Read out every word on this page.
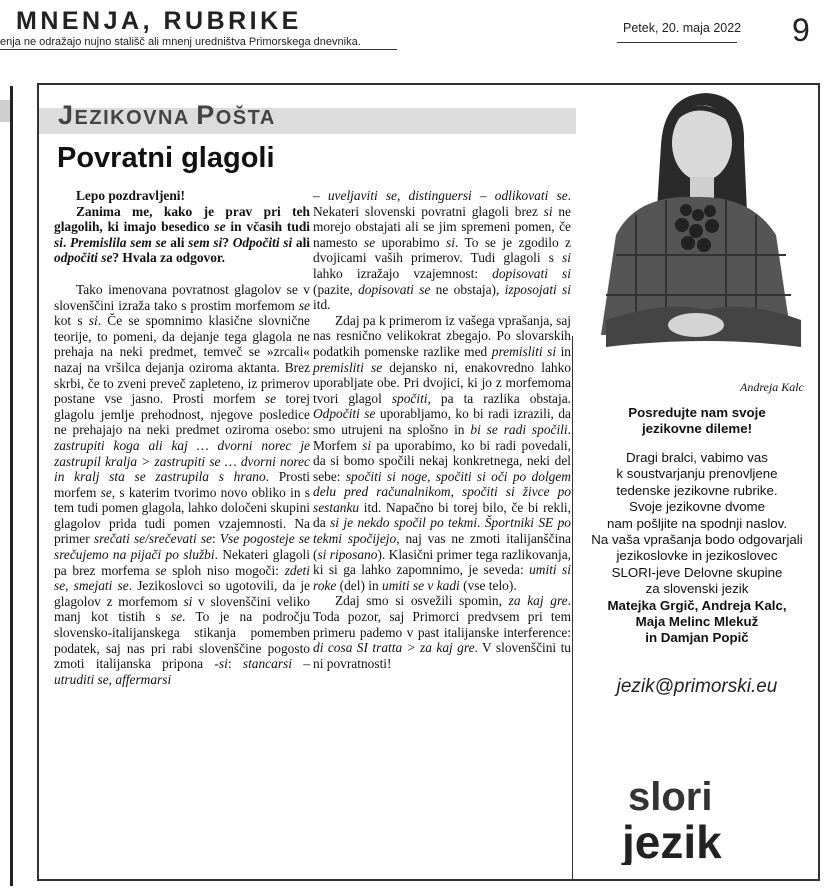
MNENJA, RUBRIKE
enja ne odražajo nujno stališč ali mnenj uredništva Primorskega dnevnika.
Petek, 20. maja 2022 9
JEZIKOVNA POŠTA
Povratni glagoli

Lepo pozdravljeni!

Zanima me, kako je prav pri teh glagolih, ki imajo besedico se in včasih tudi si. Premislila sem se ali sem si? Odpočiti si ali odpočiti se? Hvala za odgovor.

Tako imenovana povratnost glagolov se v slovenščini izraža tako s prostim morfemom se kot s si. Če se spomnimo klasične slovnične teorije, to pomeni, da dejanje tega glagola ne prehaja na neki predmet, temveč se »zrcali« nazaj na vršilca dejanja oziroma aktanta. Brez skrbi, če to zveni preveč zapleteno, iz primerov postane vse jasno. Prosti morfem se torej glagolu jemlje prehodnost, njegove posledice ne prehajajo na neki predmet oziroma osebo: zastrupiti koga ali kaj … dvorni norec je zastrupil kralja > zastrupiti se … dvorni norec in kralj sta se zastrupila s hrano. Prosti morfem se, s katerim tvorimo novo obliko in s tem tudi pomen glagola, lahko določeni skupini glagolov prida tudi pomen vzajemnosti. Na primer srečati se/srečevati se: Vse pogosteje se srečujemo na pijači po službi. Nekateri glagoli pa brez morfema se sploh niso mogoči: zdeti se, smejati se. Jezikoslovci so ugotovili, da je glagolov z morfemom si v slovenščini veliko manj kot tistih s se. To je na področju slovensko-italijanskega stikanja pomemben podatek, saj nas pri rabi slovenščine pogosto zmoti italijanska pripona -si: stancarsi – utruditi se, affermarsi

– uveljaviti se, distinguersi – odlikovati se. Nekateri slovenski povratni glagoli brez si ne morejo obstajati ali se jim spremeni pomen, če namesto se uporabimo si. To se je zgodilo z dvojicami vaših primerov. Tudi glagoli s si lahko izražajo vzajemnost: dopisovati si (pazite, dopisovati se ne obstaja), izposojati si itd.

Zdaj pa k primerom iz vašega vprašanja, saj nas resnično velikokrat zbegajo. Po slovarskih podatkih pomenske razlike med premisliti si in premisliti se dejansko ni, enakovredno lahko uporabljate obe. Pri dvojici, ki jo z morfemoma tvori glagol spočiti, pa ta razlika obstaja. Odpočiti se uporabljamo, ko bi radi izrazili, da smo utrujeni na splošno in bi se radi spočili. Morfem si pa uporabimo, ko bi radi povedali, da si bomo spočili nekaj konkretnega, neki del sebe: spočiti si noge, spočiti si oči po dolgem delu pred računalnikom, spočiti si živce po sestanku itd. Napačno bi torej bilo, če bi rekli, da si je nekdo spočil po tekmi. Športniki SE po tekmi spočijejo, naj vas ne zmoti italijanščina (si riposano). Klasični primer tega razlikovanja, ki si ga lahko zapomnimo, je seveda: umiti si roke (del) in umiti se v kadi (vse telo).

Zdaj smo si osvežili spomin, za kaj gre. Toda pozor, saj Primorci predvsem pri tem primeru pademo v past italijanske interference: di cosa SI tratta > za kaj gre. V slovenščini tu ni povratnosti!

Andreja Kalc
Posredujte nam svoje
jezikovne dileme!
Dragi bralci, vabimo vas
k soustvarjanju prenovljene
tedenske jezikovne rubrike.
Svoje jezikovne dvome
nam pošljite na spodnji naslov.
Na vaša vprašanja bodo odgovarjali
jezikoslovke in jezikoslovec
SLORI-jeve Delovne skupine
za slovenski jezik
Matejka Grgič, Andreja Kalc,
Maja Melinc Mlekuž
in Damjan Popič
jezik@primorski.eu
slori
jezik
